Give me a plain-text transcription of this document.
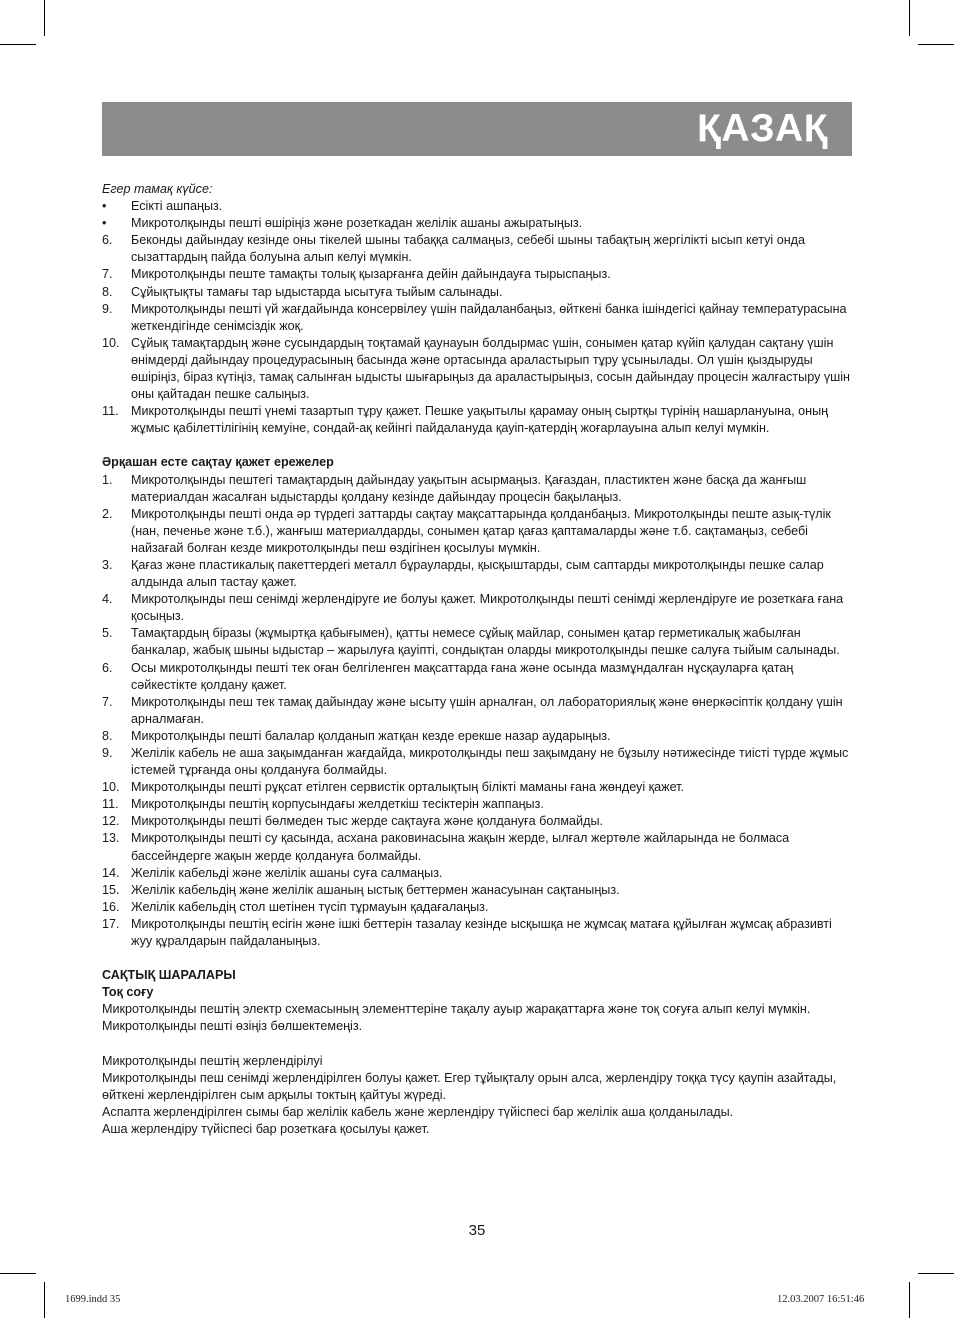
ҚАЗАҚ

Егер тамақ күйсе:

•	Есікті ашпаңыз.
•	Микротолқынды пешті өшіріңіз және розеткадан желілік ашаны ажыратыңыз.
6.	Беконды дайындау кезінде оны тікелей шыны табаққа салмаңыз, себебі шыны табақтың жергілікті ысып кетуі онда сызаттардың пайда болуына алып келуі мүмкін.
7.	Микротолқынды пеште тамақты толық қызарғанға дейін дайындауға тырыспаңыз.
8.	Сұйықтықты тамағы тар ыдыстарда ысытуға тыйым салынады.
9.	Микротолқынды пешті үй жағдайында консервілеу үшін пайдаланбаңыз, өйткені банка ішіндегісі қайнау температурасына жеткендігінде сенімсіздік жоқ.
10. Сұйық тамақтардың және сусындардың тоқтамай қаунауын болдырмас үшін, сонымен қатар күйіп қалудан сақтану үшін өнімдерді дайындау процедурасының басында және ортасында араластырып тұру ұсынылады. Ол үшін қыздыруды өшіріңіз, біраз күтіңіз, тамақ салынған ыдысты шығарыңыз да араластырыңыз, сосын дайындау процесін жалғастыру үшін оны қайтадан пешке салыңыз.
11. Микротолқынды пешті үнемі тазартып тұру қажет. Пешке уақытылы қарамау оның сыртқы түрінің нашарлануына, оның жұмыс қабілеттілігінің кемуіне, сондай-ақ кейінгі пайдалануда қауіп-қатердің жоғарлауына алып келуі мүмкін.

Әрқашан есте сақтау қажет ережелер

1.	Микротолқынды пештегі тамақтардың дайындау уақытын асырмаңыз. Қағаздан, пластиктен және басқа да жанғыш материалдан жасалған ыдыстарды қолдану кезінде дайындау процесін бақылаңыз.
2.	Микротолқынды пешті онда әр түрдегі заттарды сақтау мақсаттарында қолданбаңыз. Микротолқынды пеште азық-түлік (нан, печенье және т.б.), жанғыш материалдарды, сонымен қатар қағаз қаптамаларды және т.б. сақтамаңыз, себебі найзағай болған кезде микротолқынды пеш өздігінен қосылуы мүмкін.
3.	Қағаз және пластикалық пакеттердегі металл бұрауларды, қысқыштарды, сым саптарды микротолқынды пешке салар алдында алып тастау қажет.
4.	Микротолқынды пеш сенімді жерлендіруге ие болуы қажет. Микротолқынды пешті сенімді жерлендіруге ие розеткаға ғана қосыңыз.
5.	Тамақтардың біразы (жұмыртқа қабығымен), қатты немесе сұйық майлар, сонымен қатар герметикалық жабылған банкалар, жабық шыны ыдыстар – жарылуға қауіпті, сондықтан оларды микротолқынды пешке салуға тыйым салынады.
6.	Осы микротолқынды пешті тек оған белгіленген мақсаттарда ғана және осында мазмұндалған нұсқауларға қатаң сәйкестікте қолдану қажет.
7.	Микротолқынды пеш тек тамақ дайындау және ысыту үшін арналған, ол лабораториялық және өнеркәсіптік қолдану үшін арналмаған.
8.	Микротолқынды пешті балалар қолданып жатқан кезде ерекше назар аударыңыз.
9.	Желілік кабель не аша зақымданған жағдайда, микротолқынды пеш зақымдану не бұзылу нәтижесінде тиісті түрде жұмыс істемей тұрғанда оны қолдануға болмайды.
10. Микротолқынды пешті рұқсат етілген сервистік орталықтың білікті маманы ғана жөндеуі қажет.
11. Микротолқынды пештің корпусындағы желдеткіш тесіктерін жаппаңыз.
12. Микротолқынды пешті бөлмеден тыс жерде сақтауға және қолдануға болмайды.
13. Микротолқынды пешті су қасында, асхана раковинасына жақын жерде, ылғал жертөле жайларында не болмаса бассейндерге жақын жерде қолдануға болмайды.
14. Желілік кабельді және желілік ашаны суға салмаңыз.
15. Желілік кабельдің және желілік ашаның ыстық беттермен жанасуынан сақтаныңыз.
16. Желілік кабельдің стол шетінен түсіп тұрмауын қадағалаңыз.
17. Микротолқынды пештің есігін және ішкі беттерін тазалау кезінде ысқышқа не жұмсақ матаға құйылған жұмсақ абразивті жуу құралдарын пайдаланыңыз.

САҚТЫҚ ШАРАЛАРЫ

Тоқ соғу

Микротолқынды пештің электр схемасының элементтеріне тақалу ауыр жарақаттарға және тоқ соғуға алып келуі мүмкін. Микротолқынды пешті өзіңіз бөлшектемеңіз.

Микротолқынды пештің жерлендірілуі

Микротолқынды пеш сенімді жерлендірілген болуы қажет. Егер тұйықталу орын алса, жерлендіру тоққа түсу қаупін азайтады, өйткені жерлендірілген сым арқылы токтың қайтуы жүреді.

Аспапта жерлендірілген сымы бар желілік кабель және жерлендіру түйіспесі бар желілік аша қолданылады.

Аша жерлендіру түйіспесі бар розеткаға қосылуы қажет.

35
1699.indd 35	12.03.2007 16:51:46
